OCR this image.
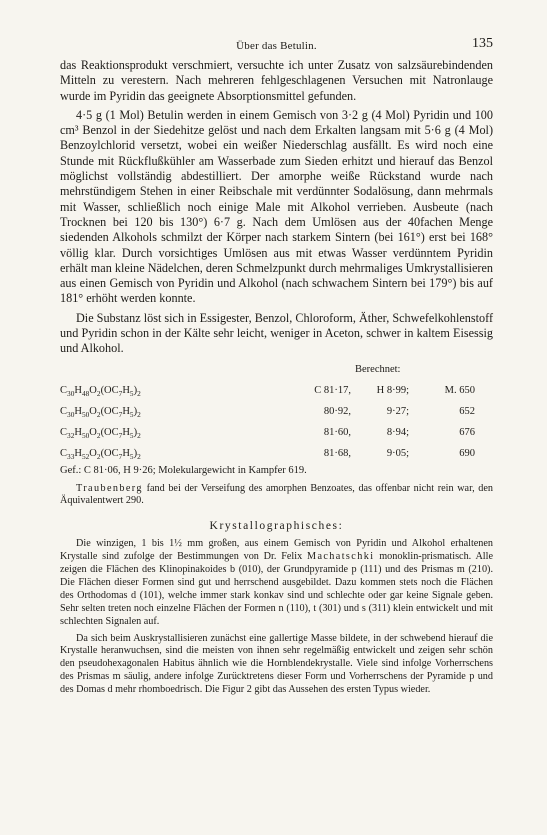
Über das Betulin.	135

das Reaktionsprodukt verschmiert, versuchte ich unter Zusatz von salzsäurebindenden Mitteln zu verestern. Nach mehreren fehlgeschlagenen Versuchen mit Natronlauge wurde im Pyridin das geeignete Absorptionsmittel gefunden.

4·5 g (1 Mol) Betulin werden in einem Gemisch von 3·2 g (4 Mol) Pyridin und 100 cm³ Benzol in der Siedehitze gelöst und nach dem Erkalten langsam mit 5·6 g (4 Mol) Benzoylchlorid versetzt, wobei ein weißer Niederschlag ausfällt. Es wird noch eine Stunde mit Rückflußkühler am Wasserbade zum Sieden erhitzt und hierauf das Benzol möglichst vollständig abdestilliert. Der amorphe weiße Rückstand wurde nach mehrstündigem Stehen in einer Reibschale mit verdünnter Sodalösung, dann mehrmals mit Wasser, schließlich noch einige Male mit Alkohol verrieben. Ausbeute (nach Trocknen bei 120 bis 130°) 6·7 g. Nach dem Umlösen aus der 40fachen Menge siedenden Alkohols schmilzt der Körper nach starkem Sintern (bei 161°) erst bei 168° völlig klar. Durch vorsichtiges Umlösen aus mit etwas Wasser verdünntem Pyridin erhält man kleine Nädelchen, deren Schmelzpunkt durch mehrmaliges Umkrystallisieren aus einen Gemisch von Pyridin und Alkohol (nach schwachem Sintern bei 179°) bis auf 181° erhöht werden konnte.

Die Substanz löst sich in Essigester, Benzol, Chloroform, Äther, Schwefelkohlenstoff und Pyridin schon in der Kälte sehr leicht, weniger in Aceton, schwer in kaltem Eisessig und Alkohol.

Berechnet:
$C_{30}H_{48}O_2(OC_7H_5)_2$	C 81·17,	H 8·99;	M. 650
$C_{30}H_{50}O_2(OC_7H_5)_2$	80·92,	9·27;	652
$C_{32}H_{50}O_2(OC_7H_5)_2$	81·60,	8·94;	676
$C_{33}H_{52}O_2(OC_7H_5)_2$	81·68,	9·05;	690

Gef.: C 81·06, H 9·26; Molekulargewicht in Kampfer 619.

Traubenberg fand bei der Verseifung des amorphen Benzoates, das offenbar nicht rein war, den Äquivalentwert 290.

Krystallographisches:

Die winzigen, 1 bis 1½ mm großen, aus einem Gemisch von Pyridin und Alkohol erhaltenen Krystalle sind zufolge der Bestimmungen von Dr. Felix Machatschki monoklin-prismatisch. Alle zeigen die Flächen des Klinopinakoides b (010), der Grundpyramide p (111) und des Prismas m (210). Die Flächen dieser Formen sind gut und herrschend ausgebildet. Dazu kommen stets noch die Flächen des Orthodomas d (101), welche immer stark konkav sind und schlechte oder gar keine Signale geben. Sehr selten treten noch einzelne Flächen der Formen n (110), t (301) und s (311) klein entwickelt und mit schlechten Signalen auf.

Da sich beim Auskrystallisieren zunächst eine gallertige Masse bildete, in der schwebend hierauf die Krystalle heranwuchsen, sind die meisten von ihnen sehr regelmäßig entwickelt und zeigen sehr schön den pseudohexagonalen Habitus ähnlich wie die Hornblendekrystalle. Viele sind infolge Vorherrschens des Prismas m säulig, andere infolge Zurücktretens dieser Form und Vorherrschens der Pyramide p und des Domas d mehr rhomboedrisch. Die Figur 2 gibt das Aussehen des ersten Typus wieder.
